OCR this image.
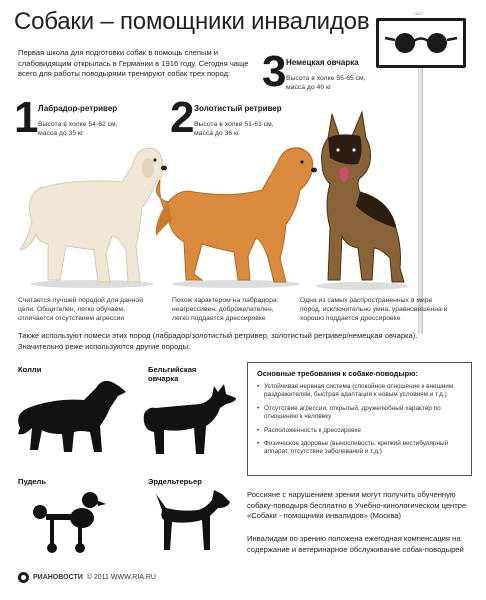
Собаки – помощники инвалидов
Первая школа для подготовки собак в помощь слепым и слабовидящим открылась в Германии в 1916 году. Сегодня чаще всего для работы поводырями тренируют собак трех пород:
ГОСТ
1 Лабрадор-ретривер
Высота в холке 54-62 см, масса до 35 кг	2 Золотистый ретривер
Высота в холке 51-61 см, масса до 36 кг
3 Немецкая овчарка
Высота в холке 55-65 см, масса до 40 кг
Считается лучшей породой для данной цели. Общителен, легко обучаем, отличается отсутствием агрессии
Похож характером на лабрадора: неагрессивен, доброжелателен, легко поддается дрессировке
Одна из самых распространенных в мире пород, исключительно умна, уравновешенна и хорошо поддается дрессировке
Также используют помеси этих пород (лабрадор/золотистый ретривер, золотистый ретривер/немецкая овчарка). Значительно реже используются другие породы:
Колли	Бельгийская овчарка
Пудель	Эрдельтерьер
Основные требования к собаке-поводырю:
• Устойчивая нервная система (спокойное отношение к внешним раздражителям, быстрая адаптация к новым условиям и т.д.)
• Отсутствие агрессии, открытый, дружелюбный характер по отношению к человеку
• Расположенность к дрессировке
• Физическое здоровье (выносливость, крепкий вестибулярный аппарат, отсутствие заболеваний и т.д.)
Россияне с нарушением зрения могут получить обученную собаку-поводыря бесплатно в Учебно-кинологическом центре «Собаки - помощники инвалидов» (Москва)
Инвалидам по зрению положена ежегодная компенсация на содержание и ветеринарное обслуживание собак-поводырей
РИАНОВОСТИ © 2011 WWW.RIA.RU
